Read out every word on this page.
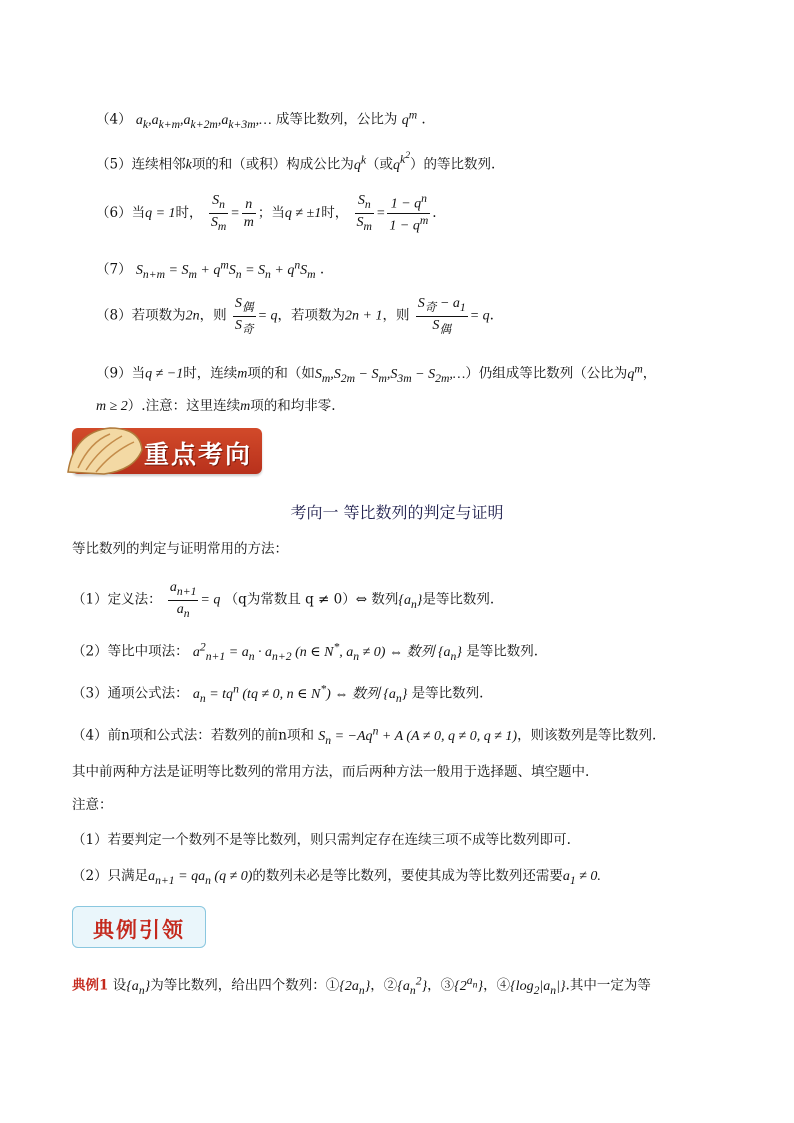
（4） $a_k,a_{k+m},a_{k+2m},a_{k+3m},\dots$ 成等比数列，公比为 $q^m$ .
（5）连续相邻k项的和（或积）构成公比为$q^k$（或$q^{k^2}$）的等比数列.
（6）当q = 1时， $\frac{S_n}{S_m} = \frac{n}{m}$ ；当q ≠ ±1时， $\frac{S_n}{S_m} = \frac{1 - q^n}{1 - q^m}$ .
（7） $S_{n+m} = S_m + q^mS_n = S_n + q^nS_m$ .
（8）若项数为2n，则 $\frac{S_偶}{S_奇} = q$，若项数为2n + 1，则 $\frac{S_奇 - a_1}{S_偶} = q$.
（9）当q ≠ −1时，连续m项的和（如$S_m,S_{2m} - S_m,S_{3m}$ − $S_{2m},\dots$）仍组成等比数列（公比为$q^m$，
m ≥ 2）.注意：这里连续m项的和均非零.
重点考向
考向一 等比数列的判定与证明
等比数列的判定与证明常用的方法：
（1）定义法： $\frac{a_{n+1}}{a_n} = q$ （q为常数且 q ≠ 0）⇔ 数列$\{a_n\}$是等比数列.
（2）等比中项法： $a^2_{n+1} = a_n \cdot a_{n+2}$ (n ∈ N*, $a_n \ne 0$) ⇔ 数列 $\{a_n\}$ 是等比数列.
（3）通项公式法： $a_n = tq^n$ (tq ≠ 0, n ∈ N*) ⇔ 数列 $\{a_n\}$ 是等比数列.
（4）前n项和公式法：若数列的前n项和 $S_n = -Aq^n + A$ (A ≠ 0, q ≠ 0, q ≠ 1)，则该数列是等比数列.
其中前两种方法是证明等比数列的常用方法，而后两种方法一般用于选择题、填空题中.
注意：
（1）若要判定一个数列不是等比数列，则只需判定存在连续三项不成等比数列即可.
（2）只满足$a_{n+1} = qa_n$ (q ≠ 0)的数列未必是等比数列，要使其成为等比数列还需要$a_1 \ne 0$.
典例引领
典例1 设$\{a_n\}$为等比数列，给出四个数列：$①\{2a_n\}$，$②\{a_n^2\}$，$③\{2^{a_n}\}$，$④\{\log_2|a_n|\}$.其中一定为等
